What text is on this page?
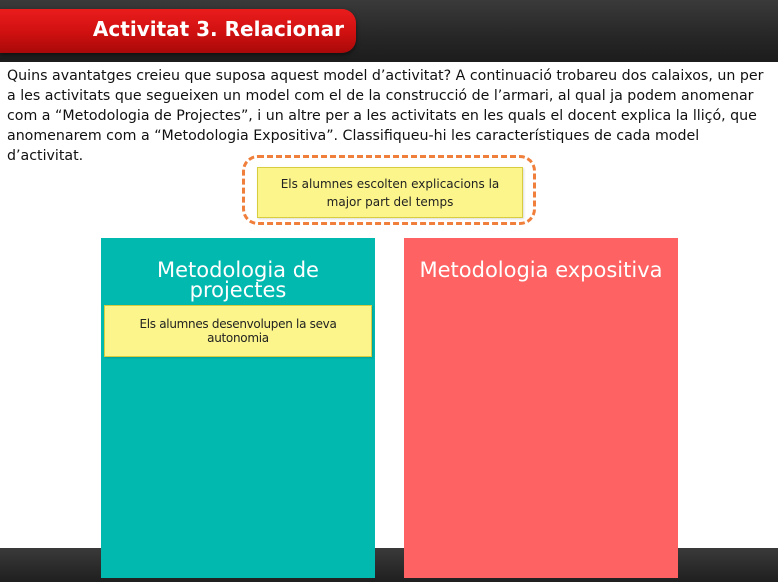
Activitat 3. Relacionar

Quins avantatges creieu que suposa aquest model d’activitat? A continuació trobareu dos calaixos, un per a les activitats que segueixen un model com el de la construcció de l’armari, al qual ja podem anomenar com a “Metodologia de Projectes”, i un altre per a les activitats en les quals el docent explica la lliçó, que anomenarem com a “Metodologia Expositiva”. Classifiqueu-hi les característiques de cada model d’activitat.

Els alumnes escolten explicacions la major part del temps
Metodologia de projectes
Els alumnes desenvolupen la seva autonomia
Metodologia expositiva
